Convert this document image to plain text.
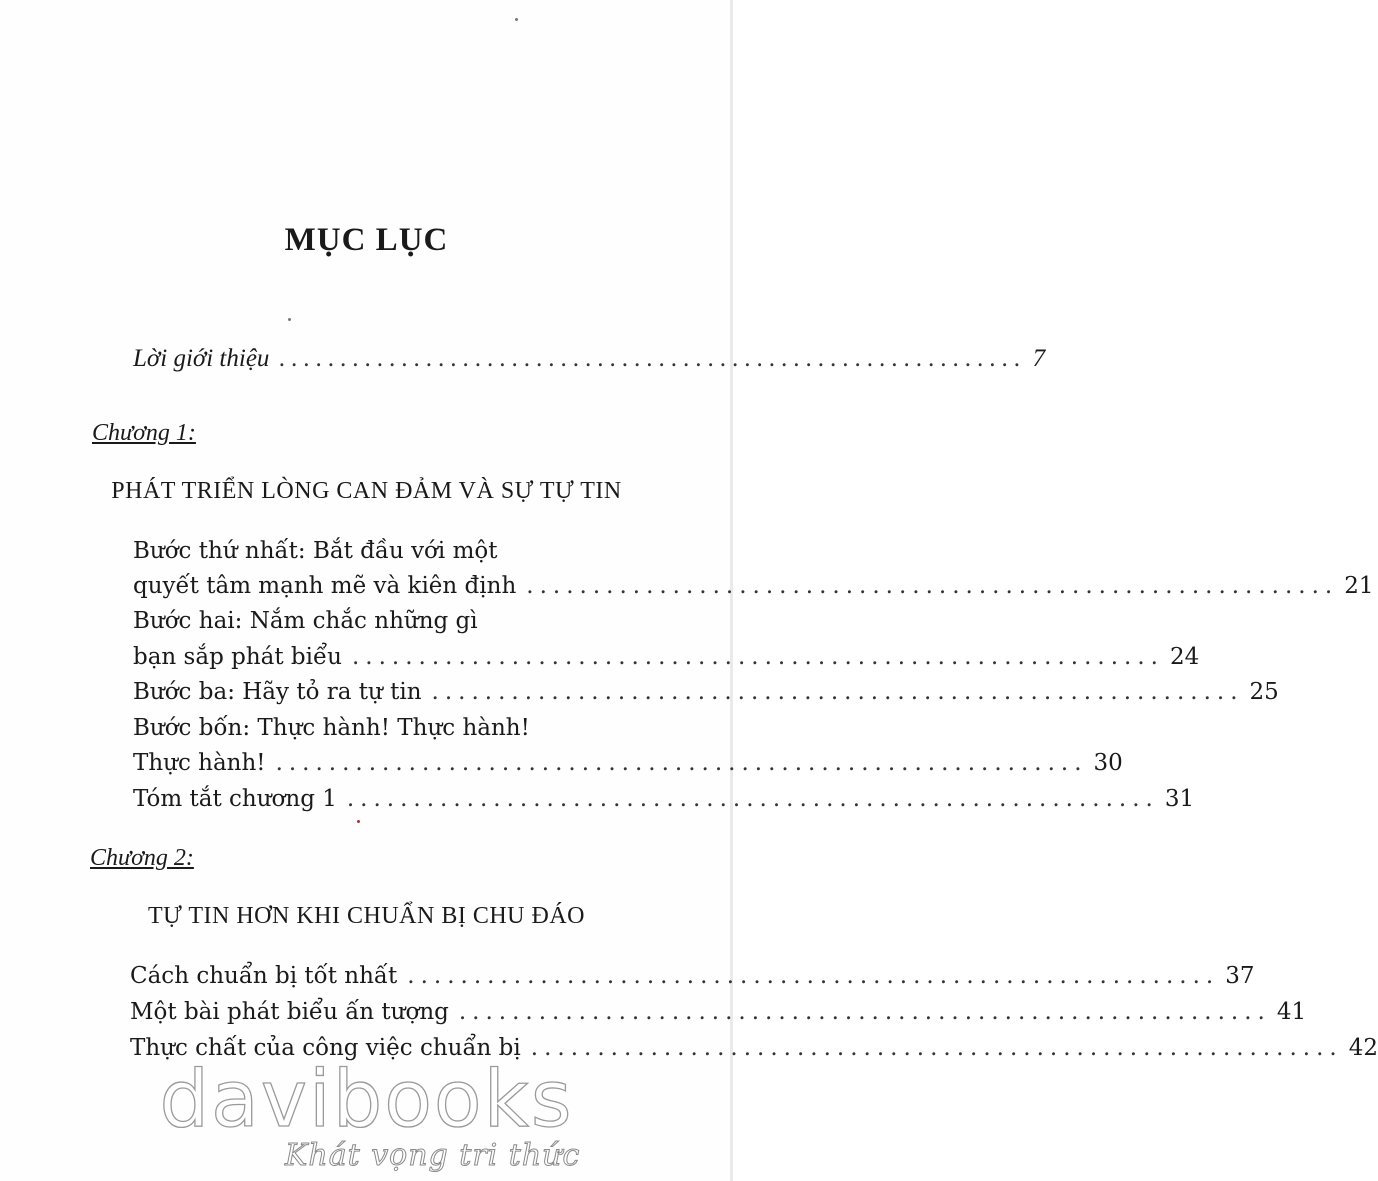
MỤC LỤC
Lời giới thiệu ............................................................. 7
Chương 1:
PHÁT TRIỂN LÒNG CAN ĐẢM VÀ SỰ TỰ TIN
Bước thứ nhất: Bắt đầu với một
quyết tâm mạnh mẽ và kiên định ............................................................. 21
Bước hai: Nắm chắc những gì
bạn sắp phát biểu ............................................................. 24
Bước ba: Hãy tỏ ra tự tin ............................................................. 25
Bước bốn: Thực hành! Thực hành!
Thực hành! ............................................................. 30
Tóm tắt chương 1 ............................................................. 31
Chương 2:
TỰ TIN HƠN KHI CHUẨN BỊ CHU ĐÁO
Cách chuẩn bị tốt nhất ............................................................. 37
Một bài phát biểu ấn tượng ............................................................. 41
Thực chất của công việc chuẩn bị ............................................................. 42
davibooks
Khát vọng tri thức
